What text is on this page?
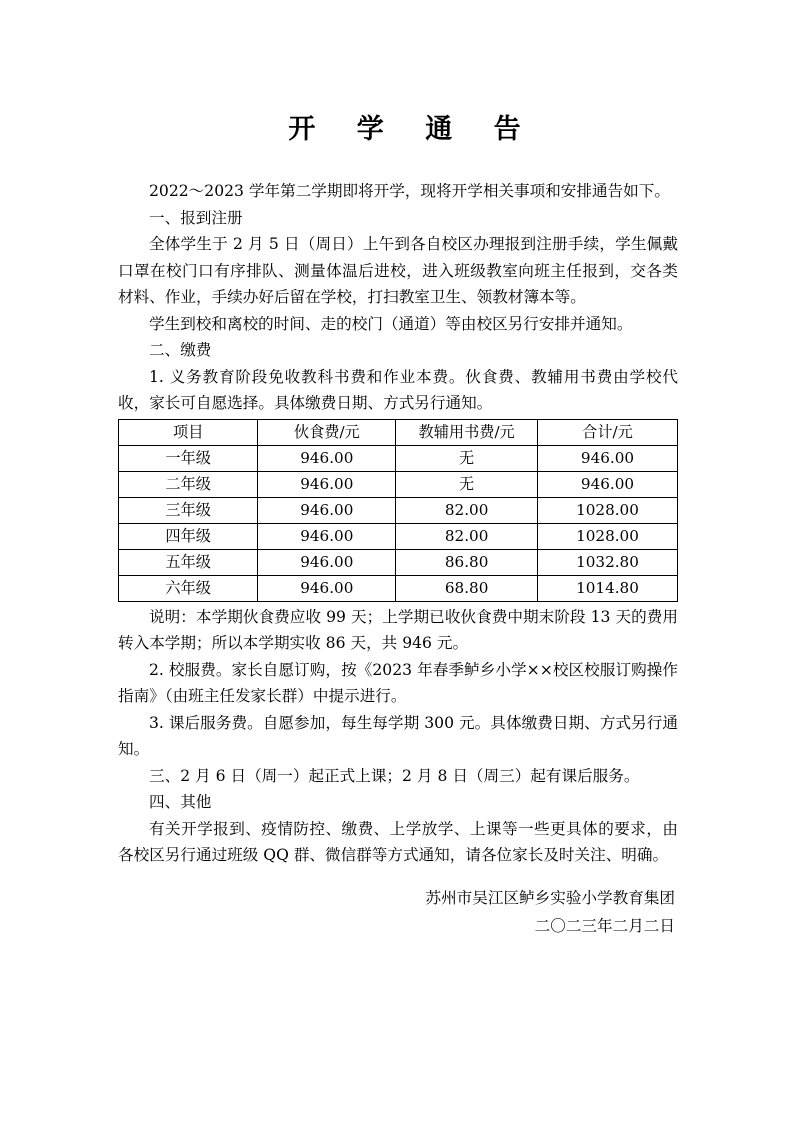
开 学 通 告

2022～2023 学年第二学期即将开学，现将开学相关事项和安排通告如下。

一、报到注册

全体学生于 2 月 5 日（周日）上午到各自校区办理报到注册手续，学生佩戴口罩在校门口有序排队、测量体温后进校，进入班级教室向班主任报到，交各类材料、作业，手续办好后留在学校，打扫教室卫生、领教材簿本等。

学生到校和离校的时间、走的校门（通道）等由校区另行安排并通知。

二、缴费

1. 义务教育阶段免收教科书费和作业本费。伙食费、教辅用书费由学校代收，家长可自愿选择。具体缴费日期、方式另行通知。

项目	伙食费/元	教辅用书费/元	合计/元
一年级	946.00	无	946.00
二年级	946.00	无	946.00
三年级	946.00	82.00	1028.00
四年级	946.00	82.00	1028.00
五年级	946.00	86.80	1032.80
六年级	946.00	68.80	1014.80

说明：本学期伙食费应收 99 天；上学期已收伙食费中期末阶段 13 天的费用转入本学期；所以本学期实收 86 天，共 946 元。

2. 校服费。家长自愿订购，按《2023 年春季鲈乡小学××校区校服订购操作指南》（由班主任发家长群）中提示进行。

3. 课后服务费。自愿参加，每生每学期 300 元。具体缴费日期、方式另行通知。

三、2 月 6 日（周一）起正式上课；2 月 8 日（周三）起有课后服务。

四、其他

有关开学报到、疫情防控、缴费、上学放学、上课等一些更具体的要求，由各校区另行通过班级 QQ 群、微信群等方式通知，请各位家长及时关注、明确。

苏州市吴江区鲈乡实验小学教育集团
二〇二三年二月二日
